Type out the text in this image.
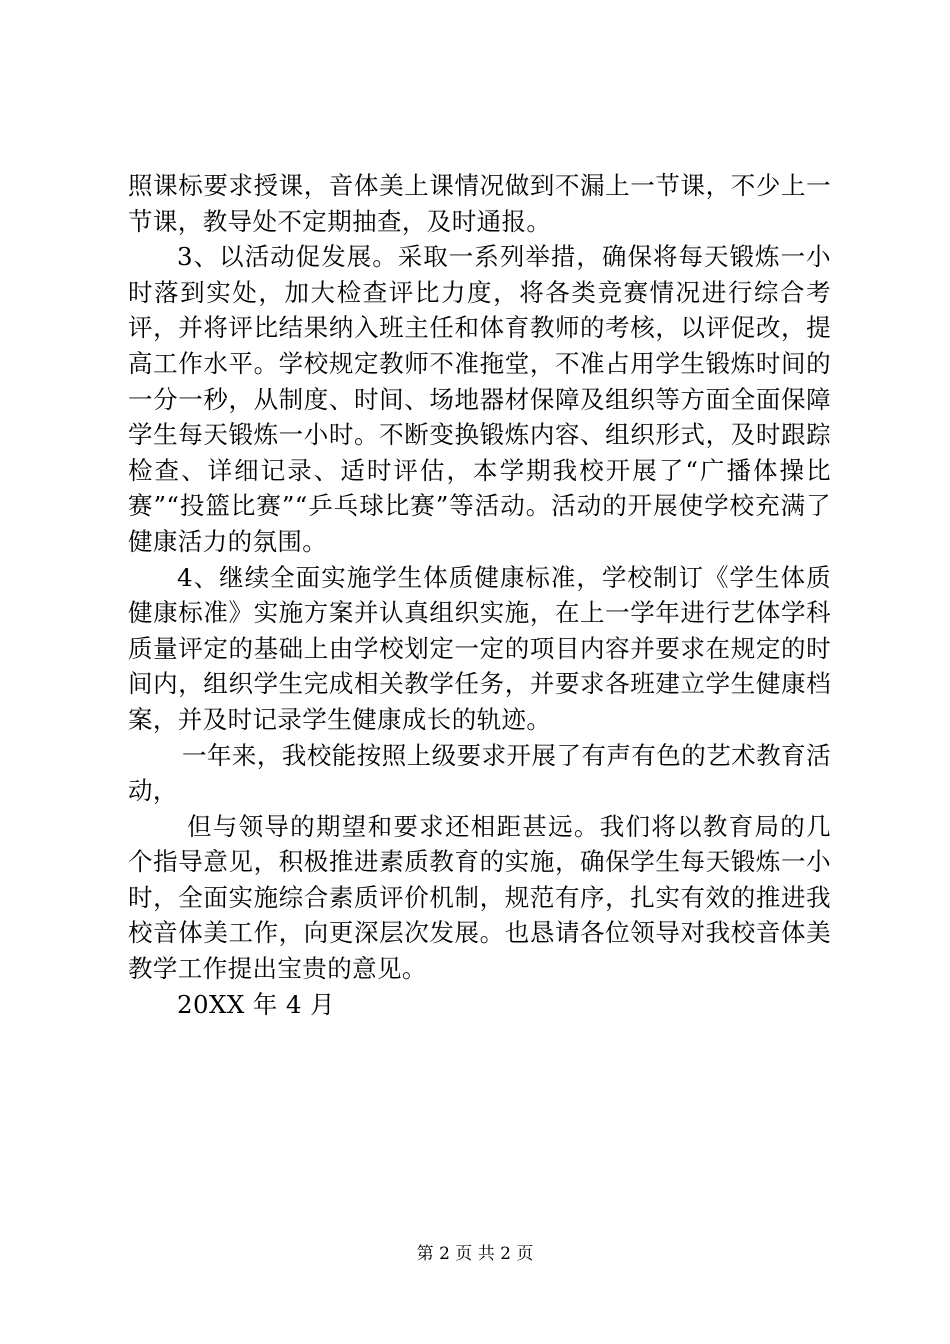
照课标要求授课，音体美上课情况做到不漏上一节课，不少上一节课，教导处不定期抽查，及时通报。

3、以活动促发展。采取一系列举措，确保将每天锻炼一小时落到实处，加大检查评比力度，将各类竞赛情况进行综合考评，并将评比结果纳入班主任和体育教师的考核，以评促改，提高工作水平。学校规定教师不准拖堂，不准占用学生锻炼时间的一分一秒，从制度、时间、场地器材保障及组织等方面全面保障学生每天锻炼一小时。不断变换锻炼内容、组织形式，及时跟踪检查、详细记录、适时评估，本学期我校开展了“广播体操比赛”“投篮比赛”“乒乓球比赛”等活动。活动的开展使学校充满了健康活力的氛围。

4、继续全面实施学生体质健康标准，学校制订《学生体质健康标准》实施方案并认真组织实施，在上一学年进行艺体学科质量评定的基础上由学校划定一定的项目内容并要求在规定的时间内，组织学生完成相关教学任务，并要求各班建立学生健康档案，并及时记录学生健康成长的轨迹。

一年来，我校能按照上级要求开展了有声有色的艺术教育活动，

但与领导的期望和要求还相距甚远。我们将以教育局的几个指导意见，积极推进素质教育的实施，确保学生每天锻炼一小时，全面实施综合素质评价机制，规范有序，扎实有效的推进我校音体美工作，向更深层次发展。也恳请各位领导对我校音体美教学工作提出宝贵的意见。

20XX 年 4 月

第 2 页 共 2 页
